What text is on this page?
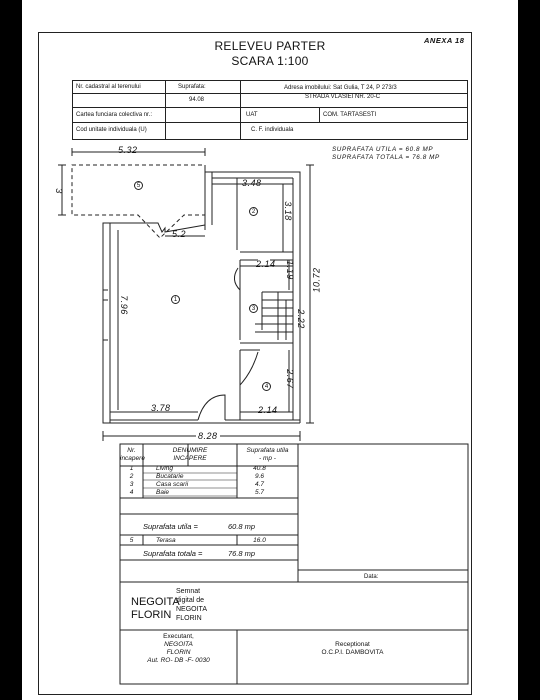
ANEXA 18
RELEVEU PARTER
SCARA 1:100
Nr. cadastral al terenului	Suprafata:
94.08
Adresa imobilului: Sat Gulia, T 24, P 273/3
STRADA VLASIEI NR. 20-C
Cartea funciara colectiva nr.:	UAT	COM. TARTASESTI
Cod unitate individuala (U)	C. F. individuala
SUPRAFATA UTILA = 60.8 MP
SUPRAFATA TOTALA = 76.8 MP
5.32
3
3.48
3.18
5.2
2.14 1.19 10.72
7.96
2.22
2.67
3.78	2.14
8.28
5
2
1
3
4
Nr.
incapere
DENUMIRE
INCAPERE
Suprafata utila
- mp -
1	Living	40.8
2	Bucatarie	9.6
3	Casa scarii	4.7
4	Baie	5.7
Suprafata utila =	60.8 mp
5	Terasa	16.0
Suprafata totala =	76.8 mp
Data:
NEGOITA
FLORIN
Semnat
digital de
NEGOITA
FLORIN
Executant,
NEGOITA
FLORIN
Aut. RO- DB -F- 0030
Receptionat
O.C.P.I. DAMBOVITA
